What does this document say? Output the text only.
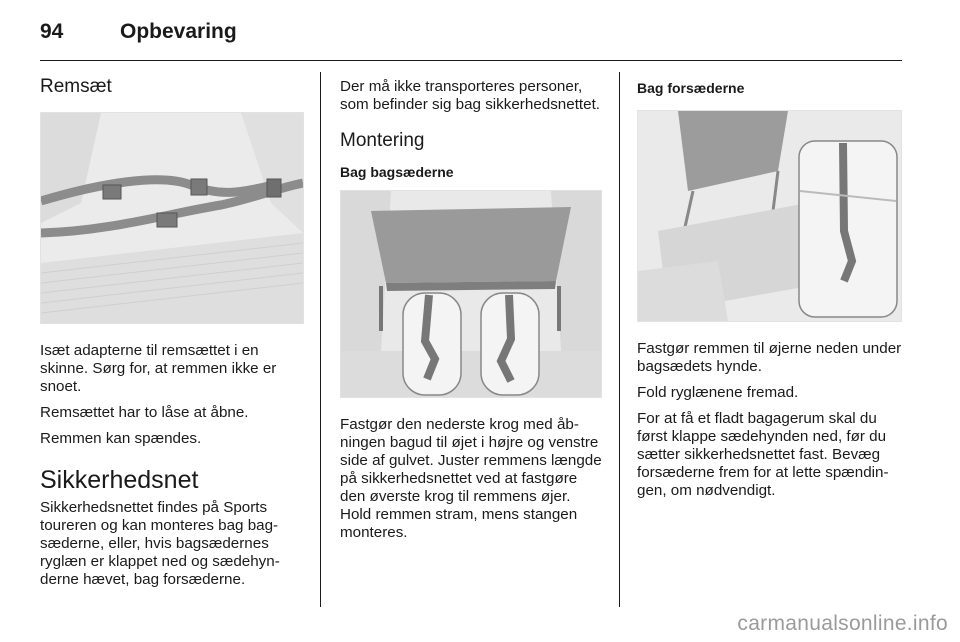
94	Opbevaring
Remsæt

Isæt adapterne til remsættet i en skinne. Sørg for, at remmen ikke er snoet.

Remsættet har to låse at åbne.

Remmen kan spændes.

Sikkerhedsnet

Sikkerhedsnettet findes på Sports toureren og kan monteres bag bagsæderne, eller, hvis bagsædernes ryglæn er klappet ned og sædehynderne hævet, bag forsæderne.

Der må ikke transporteres personer, som befinder sig bag sikkerhedsnettet.

Montering
Bag bagsæderne

Fastgør den nederste krog med åbningen bagud til øjet i højre og venstre side af gulvet. Juster remmens længde på sikkerhedsnettet ved at fastgøre den øverste krog til remmens øjer. Hold remmen stram, mens stangen monteres.

Bag forsæderne

Fastgør remmen til øjerne neden under bagsædets hynde.

Fold ryglænene fremad.

For at få et fladt bagagerum skal du først klappe sædehynden ned, før du sætter sikkerhedsnettet fast. Bevæg forsæderne frem for at lette spændingen, om nødvendigt.

carmanualsonline.info
